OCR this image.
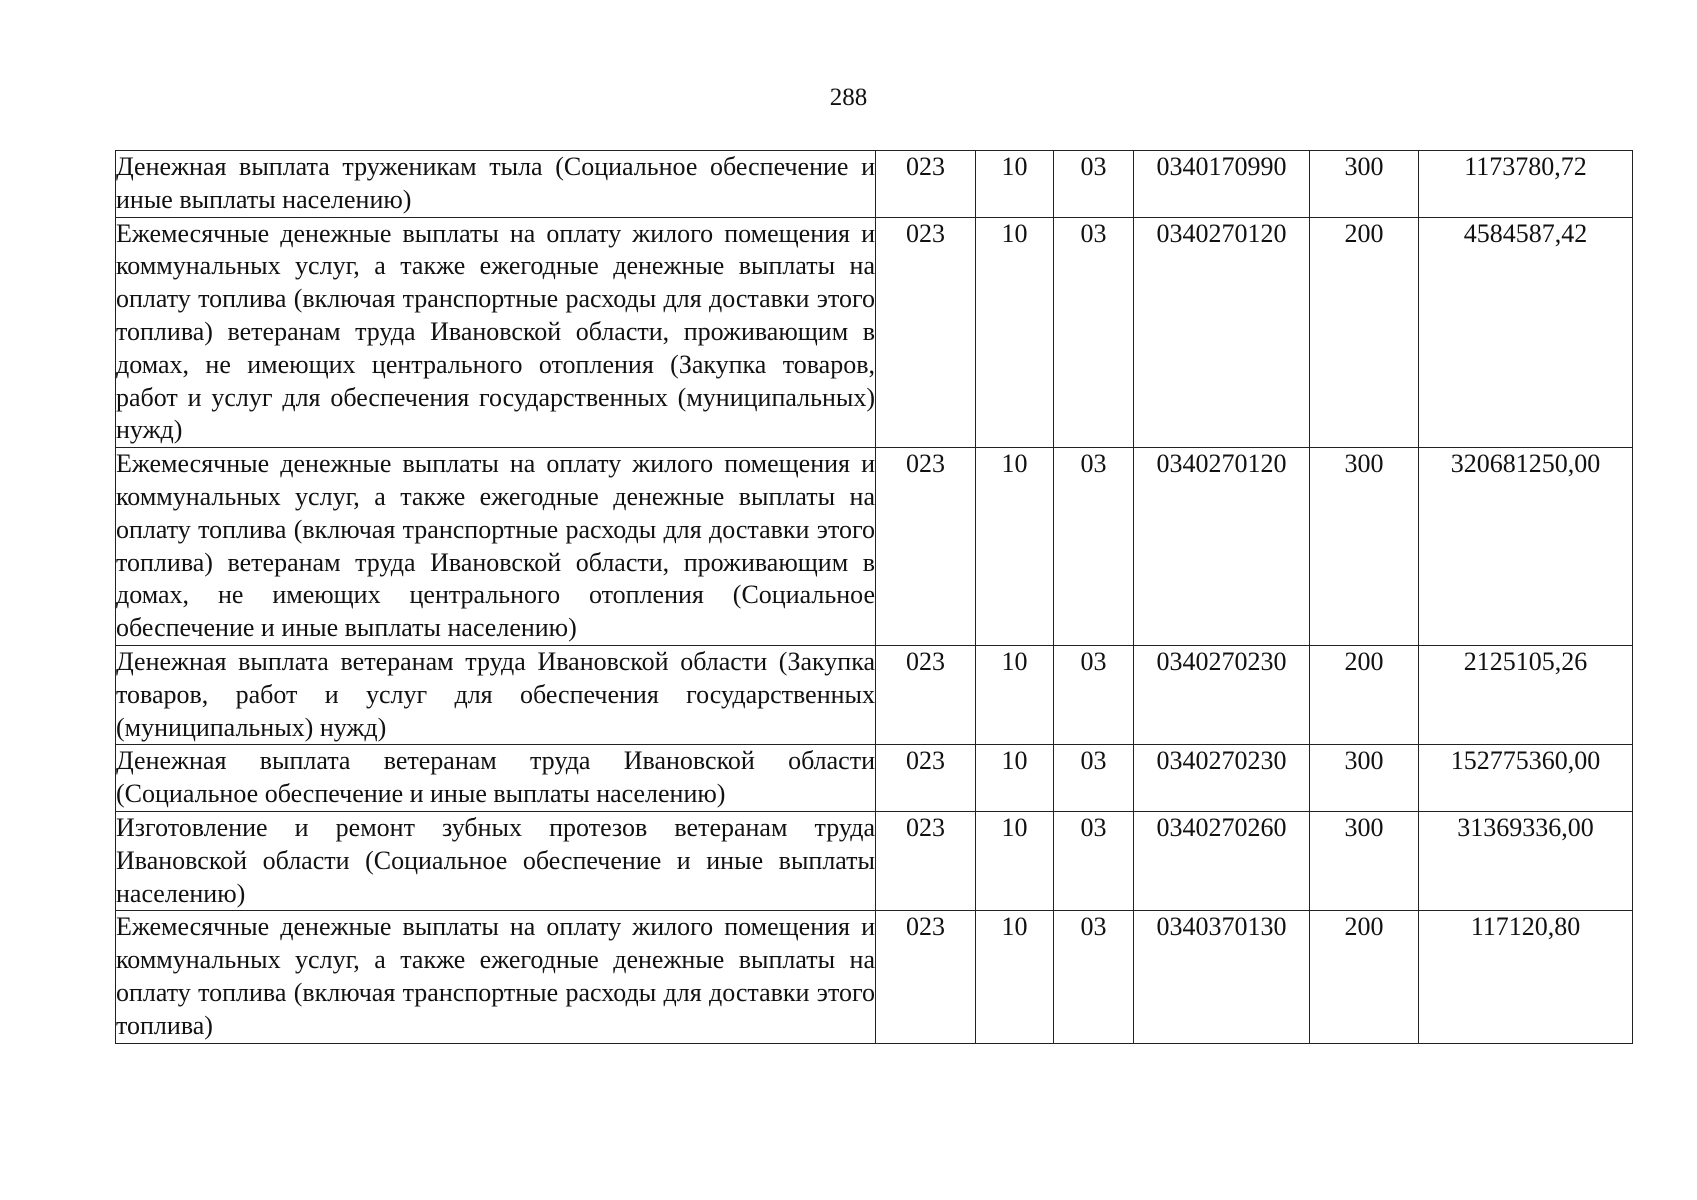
288
Денежная выплата труженикам тыла (Социальное обеспечение и иные выплаты населению)	023	10	03	0340170990	300	1173780,72
Ежемесячные денежные выплаты на оплату жилого помещения и коммунальных услуг, а также ежегодные денежные выплаты на оплату топлива (включая транспортные расходы для доставки этого топлива) ветеранам труда Ивановской области, проживающим в домах, не имеющих центрального отопления (Закупка товаров, работ и услуг для обеспечения государственных (муниципальных) нужд)	023	10	03	0340270120	200	4584587,42
Ежемесячные денежные выплаты на оплату жилого помещения и коммунальных услуг, а также ежегодные денежные выплаты на оплату топлива (включая транспортные расходы для доставки этого топлива) ветеранам труда Ивановской области, проживающим в домах, не имеющих центрального отопления (Социальное обеспечение и иные выплаты населению)	023	10	03	0340270120	300	320681250,00
Денежная выплата ветеранам труда Ивановской области (Закупка товаров, работ и услуг для обеспечения государственных (муниципальных) нужд)	023	10	03	0340270230	200	2125105,26
Денежная выплата ветеранам труда Ивановской области (Социальное обеспечение и иные выплаты населению)	023	10	03	0340270230	300	152775360,00
Изготовление и ремонт зубных протезов ветеранам труда Ивановской области (Социальное обеспечение и иные выплаты населению)	023	10	03	0340270260	300	31369336,00
Ежемесячные денежные выплаты на оплату жилого помещения и коммунальных услуг, а также ежегодные денежные выплаты на оплату топлива (включая транспортные расходы для доставки этого топлива)	023	10	03	0340370130	200	117120,80
